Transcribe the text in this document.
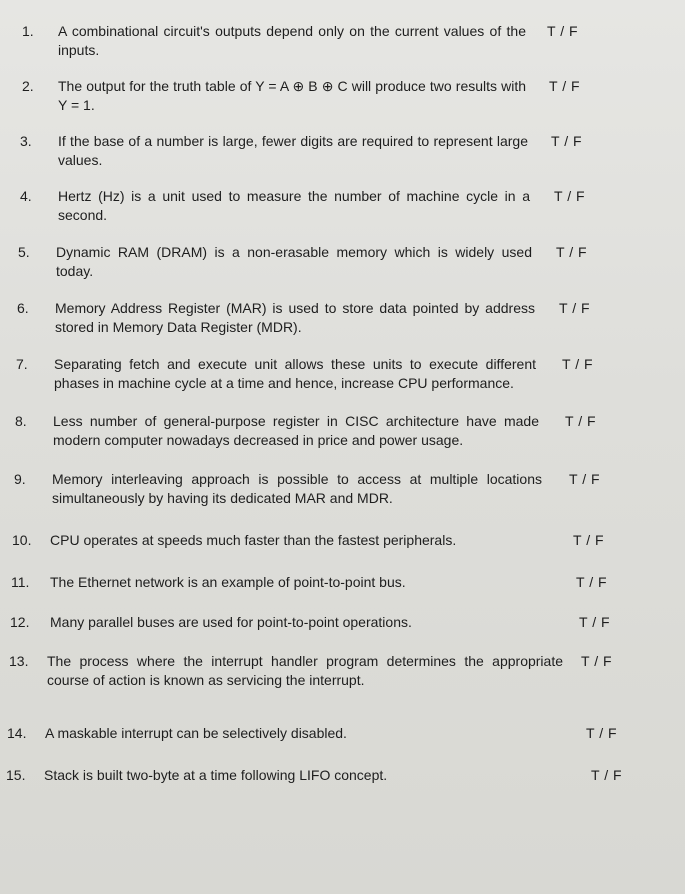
1. A combinational circuit's outputs depend only on the current values of the inputs.
T / F
2. The output for the truth table of Y = A ⊕ B ⊕ C will produce two results with Y = 1.
T / F
3. If the base of a number is large, fewer digits are required to represent large values.
T / F
4. Hertz (Hz) is a unit used to measure the number of machine cycle in a second.
T / F
5. Dynamic RAM (DRAM) is a non-erasable memory which is widely used today.
T / F
6. Memory Address Register (MAR) is used to store data pointed by address stored in Memory Data Register (MDR).
T / F
7. Separating fetch and execute unit allows these units to execute different phases in machine cycle at a time and hence, increase CPU performance.
T / F
8. Less number of general-purpose register in CISC architecture have made modern computer nowadays decreased in price and power usage.
T / F
9. Memory interleaving approach is possible to access at multiple locations simultaneously by having its dedicated MAR and MDR.
T / F
10. CPU operates at speeds much faster than the fastest peripherals.	T / F
11. The Ethernet network is an example of point-to-point bus.	T / F
12. Many parallel buses are used for point-to-point operations.	T / F
13. The process where the interrupt handler program determines the appropriate course of action is known as servicing the interrupt.
T / F
14. A maskable interrupt can be selectively disabled.	T / F
15. Stack is built two-byte at a time following LIFO concept.	T / F
